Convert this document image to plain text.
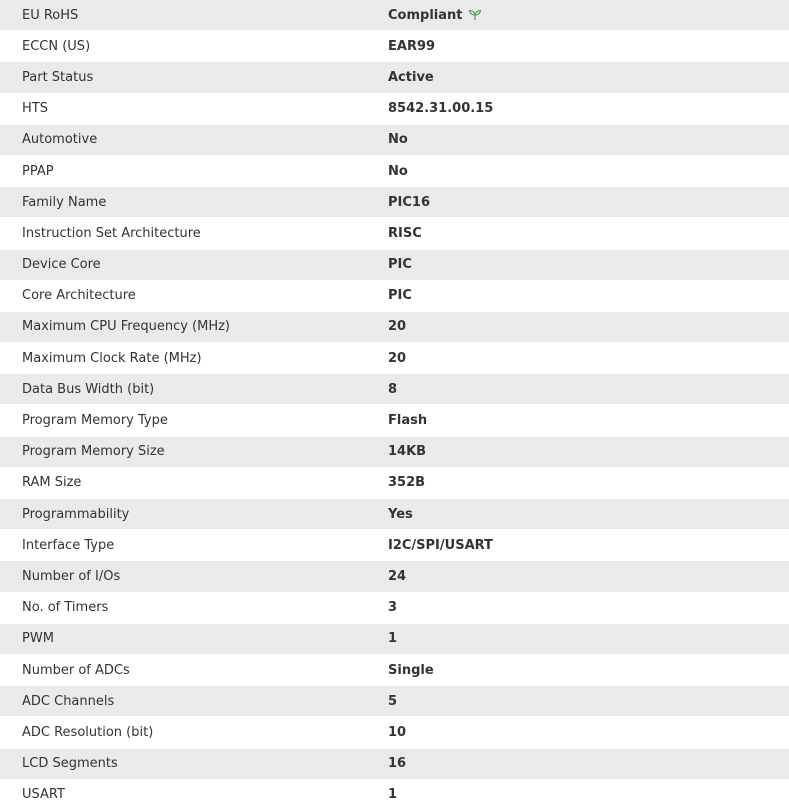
EU RoHS	Compliant
ECCN (US)	EAR99
Part Status	Active
HTS	8542.31.00.15
Automotive	No
PPAP	No
Family Name	PIC16
Instruction Set Architecture	RISC
Device Core	PIC
Core Architecture	PIC
Maximum CPU Frequency (MHz)	20
Maximum Clock Rate (MHz)	20
Data Bus Width (bit)	8
Program Memory Type	Flash
Program Memory Size	14KB
RAM Size	352B
Programmability	Yes
Interface Type	I2C/SPI/USART
Number of I/Os	24
No. of Timers	3
PWM	1
Number of ADCs	Single
ADC Channels	5
ADC Resolution (bit)	10
LCD Segments	16
USART	1
